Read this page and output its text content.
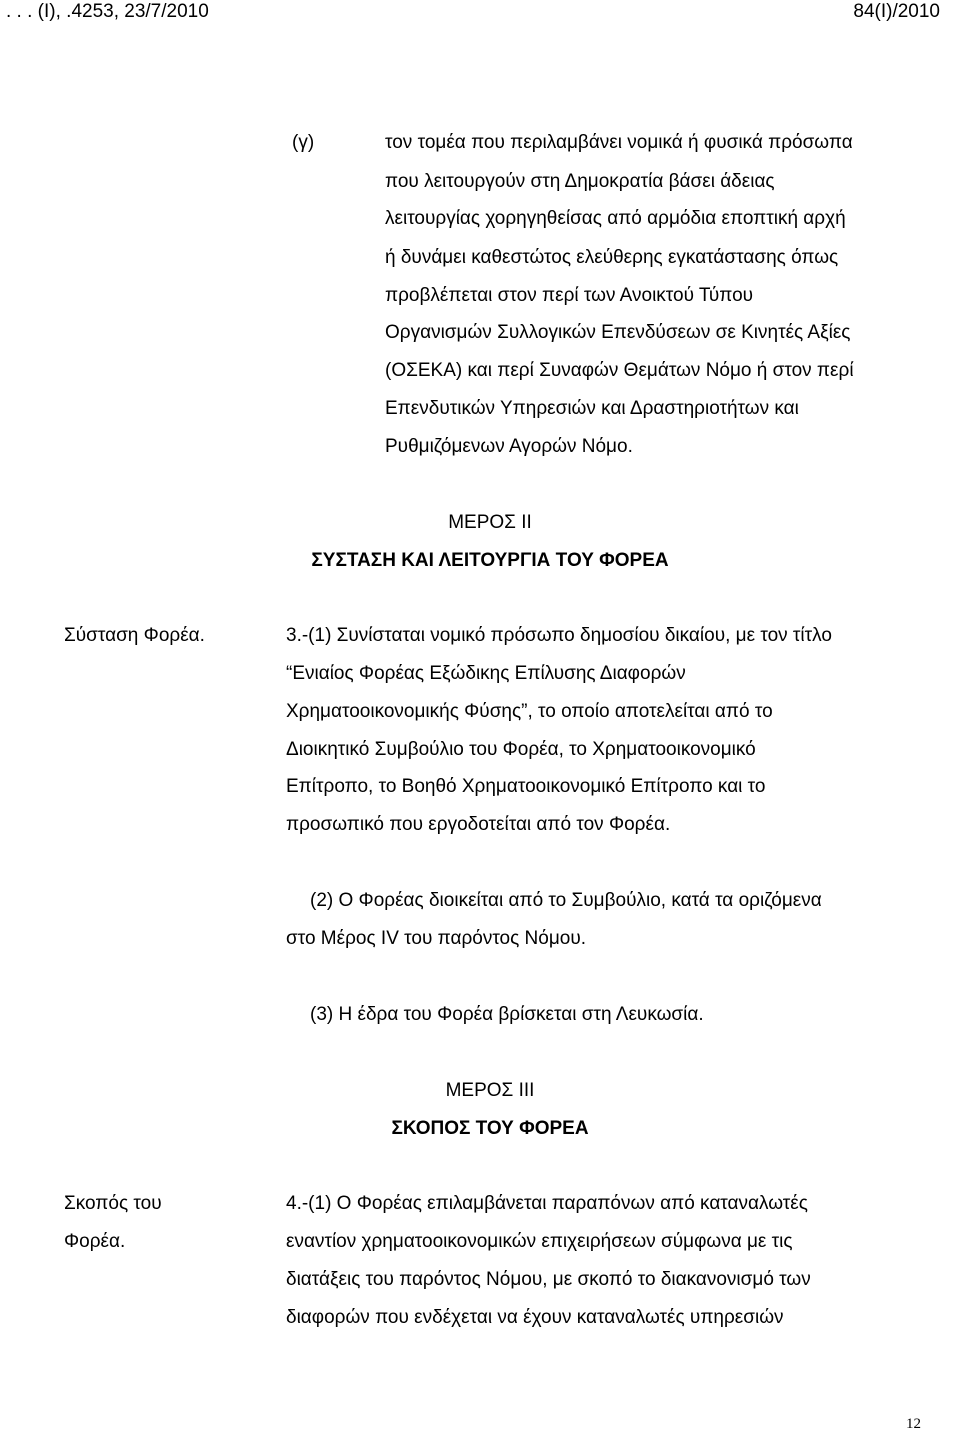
. . . (Ι), .4253, 23/7/2010	84(Ι)/2010
(γ)	τον τομέα που περιλαμβάνει νομικά ή φυσικά πρόσωπα
που λειτουργούν στη Δημοκρατία βάσει άδειας
λειτουργίας χορηγηθείσας από αρμόδια εποπτική αρχή
ή δυνάμει καθεστώτος ελεύθερης εγκατάστασης όπως
προβλέπεται στον περί των Ανοικτού Τύπου
Οργανισμών Συλλογικών Επενδύσεων σε Κινητές Αξίες
(ΟΣΕΚΑ) και περί Συναφών Θεμάτων Νόμο ή στον περί
Επενδυτικών Υπηρεσιών και Δραστηριοτήτων και
Ρυθμιζόμενων Αγορών Νόμο.
ΜΕΡΟΣ ΙΙ
ΣΥΣΤΑΣΗ ΚΑΙ ΛΕΙΤΟΥΡΓΙΑ ΤΟΥ ΦΟΡΕΑ
Σύσταση Φορέα.	3.-(1) Συνίσταται νομικό πρόσωπο δημοσίου δικαίου, με τον τίτλο
“Ενιαίος Φορέας Εξώδικης Επίλυσης Διαφορών
Χρηματοοικονομικής Φύσης”, το οποίο αποτελείται από το
Διοικητικό Συμβούλιο του Φορέα, το Χρηματοοικονομικό
Επίτροπο, το Βοηθό Χρηματοοικονομικό Επίτροπο και το
προσωπικό που εργοδοτείται από τον Φορέα.
(2) Ο Φορέας διοικείται από το Συμβούλιο, κατά τα οριζόμενα
στο Μέρος IV του παρόντος Νόμου.
(3) Η έδρα του Φορέα βρίσκεται στη Λευκωσία.
ΜΕΡΟΣ ΙΙΙ
ΣΚΟΠΟΣ ΤΟΥ ΦΟΡΕΑ
Σκοπός του
Φορέα.
4.-(1) Ο Φορέας επιλαμβάνεται παραπόνων από καταναλωτές
εναντίον χρηματοοικονομικών επιχειρήσεων σύμφωνα με τις
διατάξεις του παρόντος Νόμου, με σκοπό το διακανονισμό των
διαφορών που ενδέχεται να έχουν καταναλωτές υπηρεσιών
12
